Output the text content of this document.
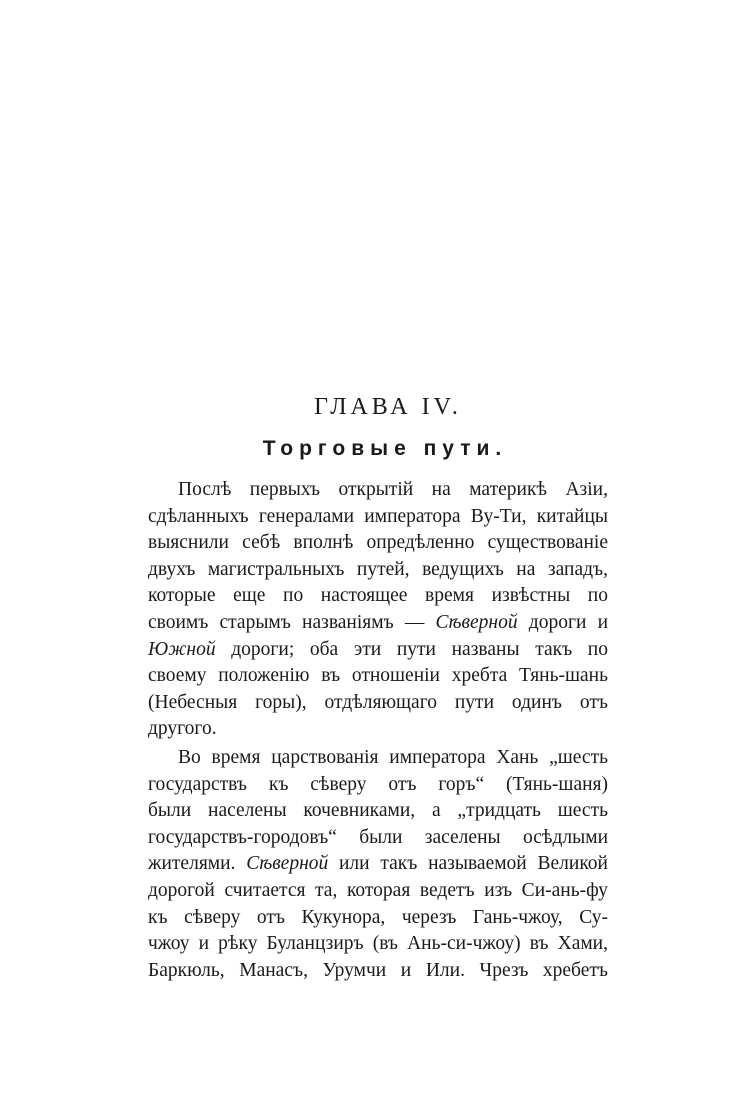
ГЛАВА IV.
Торговые пути.
Послѣ первыхъ открытій на материкѣ Азіи,
сдѣланныхъ генералами императора Ву-Ти, китайцы
выяснили себѣ вполнѣ опредѣленно существованіе
двухъ магистральныхъ путей, ведущихъ на западъ,
которые еще по настоящее время извѣстны по
своимъ старымъ названіямъ — Сѣверной дороги и
Южной дороги; оба эти пути названы такъ по
своему положенію въ отношеніи хребта Тянь-шань
(Небесныя горы), отдѣляющаго пути одинъ отъ
другого.
Во время царствованія императора Хань „шесть
государствъ къ сѣверу отъ горъ“ (Тянь-шаня)
были населены кочевниками, а „тридцать шесть
государствъ-городовъ“ были заселены осѣдлыми
жителями. Сѣверной или такъ называемой Великой
дорогой считается та, которая ведетъ изъ Си-ань-фу
къ сѣверу отъ Кукунора, черезъ Гань-чжоу, Су-
чжоу и рѣку Буланцзиръ (въ Ань-си-чжоу) въ Хами,
Баркюль, Манасъ, Урумчи и Или. Чрезъ хребетъ
